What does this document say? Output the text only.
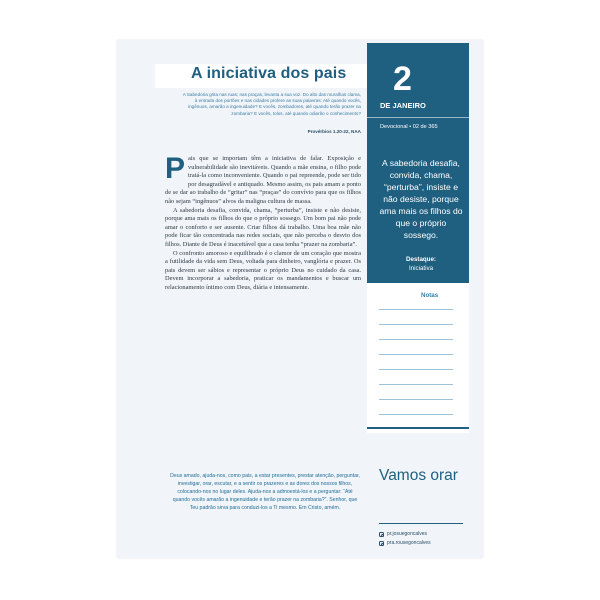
A iniciativa dos pais
A Sabedoria grita nas ruas; nas praças, levanta a sua voz. Do alto das muralhas clama, à entrada dos portões e nas cidades profere as suas palavras: Até quando vocês, ingênuos, amarão a ingenuidade? E vocês, zombadores, até quando terão prazer na zombaria? E vocês, tolos, até quando odiarão o conhecimento?
Provérbios 1.20-22, NAA
2
DE JANEIRO
Devocional • 02 de 365
A sabedoria desafia, convida, chama, “perturba”, insiste e não desiste, porque ama mais os filhos do que o próprio sossego.
Destaque:
Iniciativa
Notas

Pais que se importam têm a iniciativa de falar. Exposição e vulnerabilidade são inevitáveis. Quando a mãe ensina, o filho pode tratá-la como inconveniente. Quando o pai repreende, pode ser tido por desagradável e antiquado. Mesmo assim, os pais amam a ponto de se dar ao trabalho de “gritar” nas “praças” do convívio para que os filhos não sejam “ingênuos” alvos da maligna cultura de massa.

A sabedoria desafia, convida, chama, “perturba”, insiste e não desiste, porque ama mais os filhos do que o próprio sossego. Um bom pai não pode amar o conforto e ser ausente. Criar filhos dá trabalho. Uma boa mãe não pode ficar tão concentrada nas redes sociais, que não perceba o desvio dos filhos. Diante de Deus é inaceitável que a casa tenha “prazer na zombaria”.

O confronto amoroso e equilibrado é o clamor de um coração que mostra a futilidade da vida sem Deus, voltada para dinheiro, vanglória e prazer. Os pais devem ser sábios e representar o próprio Deus no cuidado da casa. Devem incorporar a sabedoria, praticar os mandamentos e buscar um relacionamento íntimo com Deus, diária e intensamente.

Deus amado, ajuda-nos, como pais, a estar presentes, prestar atenção, perguntar, investigar, orar, escutar, e a sentir os prazeres e as dores dos nossos filhos, colocando-nos no lugar deles. Ajuda-nos a admoestá-los e a perguntar: “Até quando vocês amarão a ingenuidade e terão prazer na zombaria?”. Senhor, que Teu padrão sirva para conduzi-los a Ti mesmo. Em Cristo, amém.
Vamos orar
pr.josuegoncalves
pra.rousegoncalves
